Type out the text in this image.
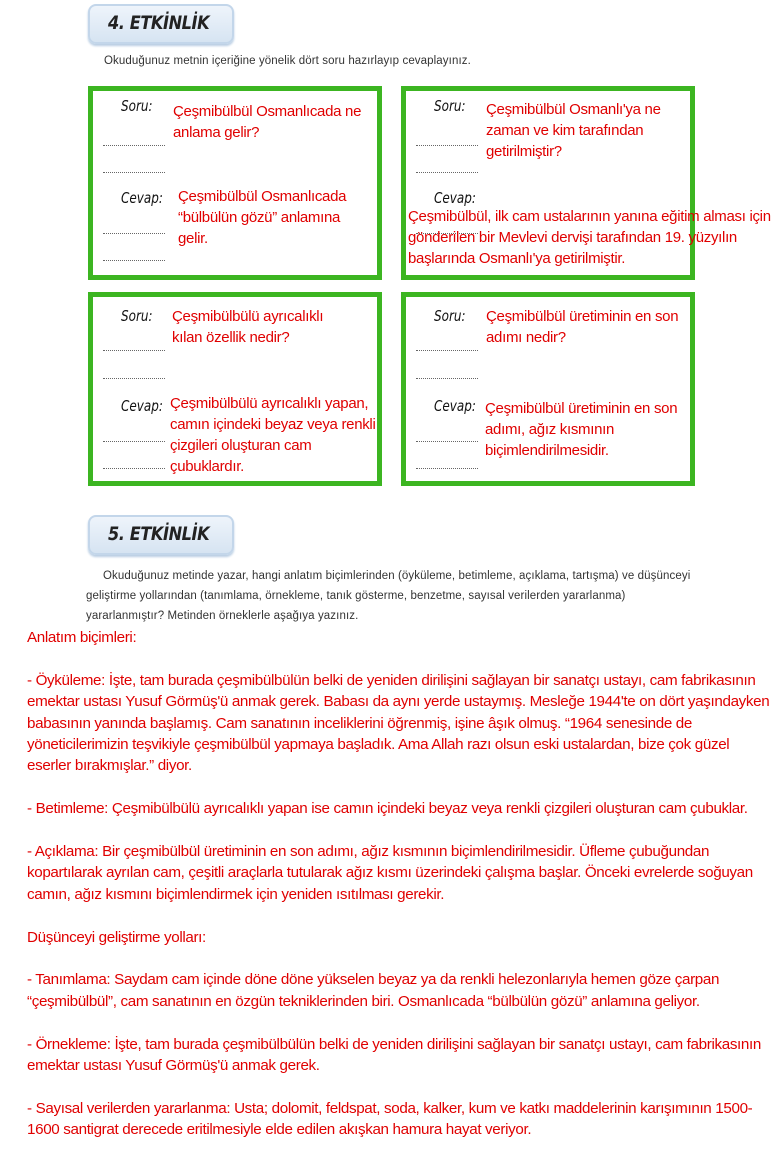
4. ETKİNLİK
Okuduğunuz metnin içeriğine yönelik dört soru hazırlayıp cevaplayınız.
Soru:
Cevap:
Çeşmibülbül Osmanlıcada ne anlama gelir?
Çeşmibülbül Osmanlıcada “bülbülün gözü” anlamına gelir.
Soru:
Cevap:
Çeşmibülbül Osmanlı'ya ne zaman ve kim tarafından getirilmiştir?
Çeşmibülbül, ilk cam ustalarının yanına eğitim alması için gönderilen bir Mevlevi dervişi tarafından 19. yüzyılın başlarında Osmanlı'ya getirilmiştir.
Soru:
Cevap:
Çeşmibülbülü ayrıcalıklı kılan özellik nedir?
Çeşmibülbülü ayrıcalıklı yapan, camın içindeki beyaz veya renkli çizgileri oluşturan cam çubuklardır.
Soru:
Cevap:
Çeşmibülbül üretiminin en son adımı nedir?
Çeşmibülbül üretiminin en son adımı, ağız kısmının biçimlendirilmesidir.
5. ETKİNLİK
Okuduğunuz metinde yazar, hangi anlatım biçimlerinden (öyküleme, betimleme, açıklama, tartışma) ve düşünceyi geliştirme yollarından (tanımlama, örnekleme, tanık gösterme, benzetme, sayısal verilerden yararlanma) yararlanmıştır? Metinden örneklerle aşağıya yazınız.

Anlatım biçimleri:

- Öyküleme: İşte, tam burada çeşmibülbülün belki de yeniden dirilişini sağlayan bir sanatçı ustayı, cam fabrikasının emektar ustası Yusuf Görmüş'ü anmak gerek. Babası da aynı yerde ustaymış. Mesleğe 1944'te on dört yaşındayken babasının yanında başlamış. Cam sanatının inceliklerini öğrenmiş, işine âşık olmuş. “1964 senesinde de yöneticilerimizin teşvikiyle çeşmibülbül yapmaya başladık. Ama Allah razı olsun eski ustalardan, bize çok güzel eserler bırakmışlar.” diyor.

- Betimleme: Çeşmibülbülü ayrıcalıklı yapan ise camın içindeki beyaz veya renkli çizgileri oluşturan cam çubuklar.

- Açıklama: Bir çeşmibülbül üretiminin en son adımı, ağız kısmının biçimlendirilmesidir. Üfleme çubuğundan kopartılarak ayrılan cam, çeşitli araçlarla tutularak ağız kısmı üzerindeki çalışma başlar. Önceki evrelerde soğuyan camın, ağız kısmını biçimlendirmek için yeniden ısıtılması gerekir.

Düşünceyi geliştirme yolları:

- Tanımlama: Saydam cam içinde döne döne yükselen beyaz ya da renkli helezonlarıyla hemen göze çarpan “çeşmibülbül”, cam sanatının en özgün tekniklerinden biri. Osmanlıcada “bülbülün gözü” anlamına geliyor.

- Örnekleme: İşte, tam burada çeşmibülbülün belki de yeniden dirilişini sağlayan bir sanatçı ustayı, cam fabrikasının emektar ustası Yusuf Görmüş'ü anmak gerek.

- Sayısal verilerden yararlanma: Usta; dolomit, feldspat, soda, kalker, kum ve katkı maddelerinin karışımının 1500-1600 santigrat derecede eritilmesiyle elde edilen akışkan hamura hayat veriyor.
